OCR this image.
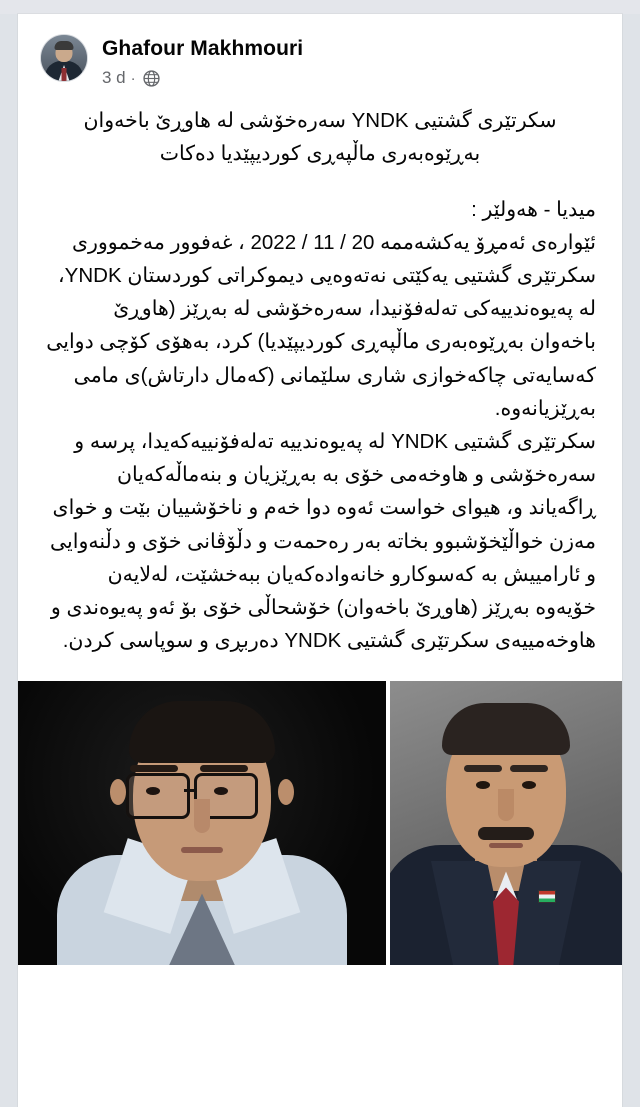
Ghafour Makhmouri
3 d ·

سکرتێری گشتیی YNDK سەرەخۆشی لە هاوڕێ باخەوان بەڕێوەبەری ماڵپەڕی کوردیپێدیا دەکات

میدیا - هەولێر :

ئێوارەی ئەمڕۆ یەکشەممە 20 / 11 / 2022 ، غەفوور مەخمووری سکرتێری گشتیی یەکێتی نەتەوەیی دیموکراتی کوردستان YNDK، لە پەیوەندییەکی تەلەفۆنیدا، سەرەخۆشی لە بەڕێز (هاوڕێ باخەوان بەڕێوەبەری ماڵپەڕی کوردیپێدیا) کرد، بەهۆی کۆچی دوایی کەسایەتی چاکەخوازی شاری سلێمانی (کەمال دارتاش)ی مامی بەڕێزیانەوە.

سکرتێری گشتیی YNDK لە پەیوەندییە تەلەفۆنییەکەیدا، پرسە و سەرەخۆشی و هاوخەمی خۆی بە بەڕێزیان و بنەماڵەکەیان ڕاگەیاند و، هیوای خواست ئەوە دوا خەم و ناخۆشییان بێت و خوای مەزن خواڵێخۆشبوو بخاتە بەر رەحمەت و دڵۆڤانی خۆی و دڵنەوایی و ئارامییش بە کەسوکارو خانەوادەکەیان ببەخشێت، لەلایەن خۆیەوە بەڕێز (هاوڕێ باخەوان) خۆشحاڵی خۆی بۆ ئەو پەیوەندی و هاوخەمییەی سکرتێری گشتیی YNDK دەربڕی و سوپاسی کردن.
